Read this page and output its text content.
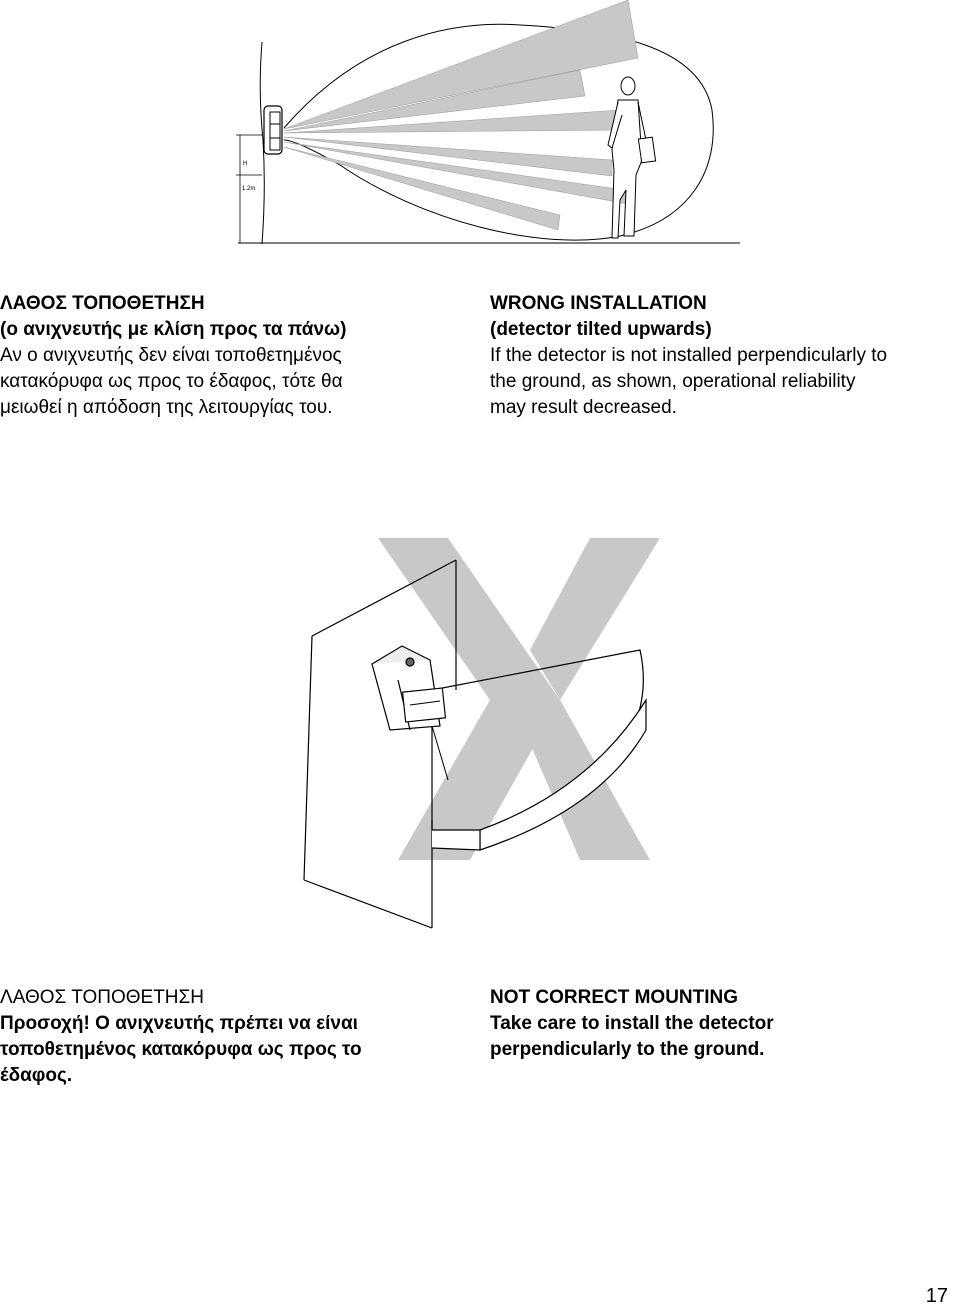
H
1.2m

ΛΑΘΟΣ ΤΟΠΟΘΕΤΗΣΗ

(ο ανιχνευτής με κλίση προς τα πάνω)

Αν ο ανιχνευτής δεν είναι τοποθετημένος

κατακόρυφα ως προς το έδαφος, τότε θα

μειωθεί η απόδοση της λειτουργίας του.

WRONG INSTALLATION

(detector tilted upwards)

If the detector is not installed perpendicularly to

the ground, as shown, operational reliability

may result decreased.

ΛΑΘΟΣ ΤΟΠΟΘΕΤΗΣΗ

Προσοχή! Ο ανιχνευτής πρέπει να είναι

τοποθετημένος κατακόρυφα ως προς το

έδαφος.

NOT CORRECT MOUNTING

Take care to install the detector

perpendicularly to the ground.

17
